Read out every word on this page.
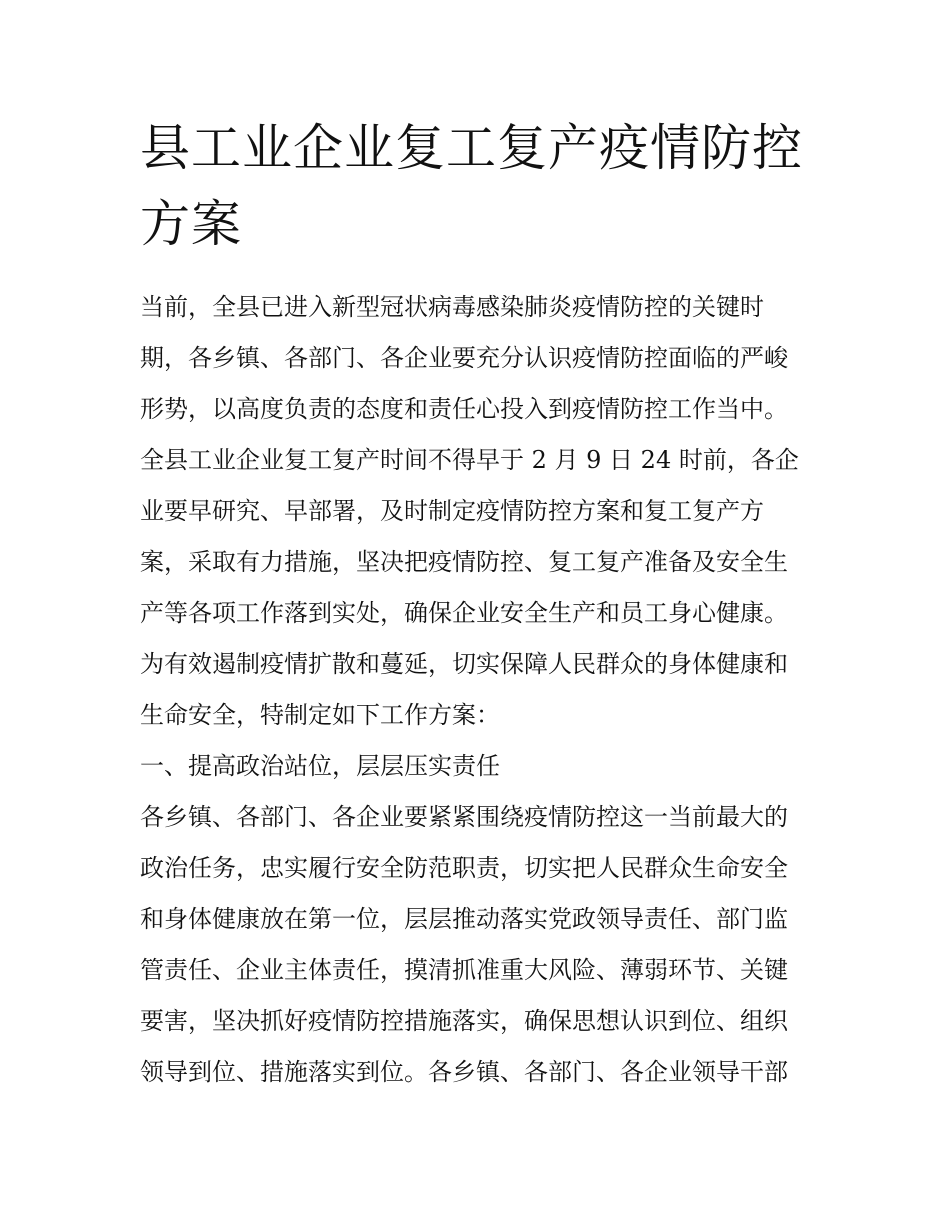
县工业企业复工复产疫情防控
方案

当前，全县已进入新型冠状病毒感染肺炎疫情防控的关键时

期，各乡镇、各部门、各企业要充分认识疫情防控面临的严峻

形势，以高度负责的态度和责任心投入到疫情防控工作当中。

全县工业企业复工复产时间不得早于 2 月 9 日 24 时前，各企

业要早研究、早部署，及时制定疫情防控方案和复工复产方

案，采取有力措施，坚决把疫情防控、复工复产准备及安全生

产等各项工作落到实处，确保企业安全生产和员工身心健康。

为有效遏制疫情扩散和蔓延，切实保障人民群众的身体健康和

生命安全，特制定如下工作方案：

一、提高政治站位，层层压实责任

各乡镇、各部门、各企业要紧紧围绕疫情防控这一当前最大的

政治任务，忠实履行安全防范职责，切实把人民群众生命安全

和身体健康放在第一位，层层推动落实党政领导责任、部门监

管责任、企业主体责任，摸清抓准重大风险、薄弱环节、关键

要害，坚决抓好疫情防控措施落实，确保思想认识到位、组织

领导到位、措施落实到位。各乡镇、各部门、各企业领导干部
